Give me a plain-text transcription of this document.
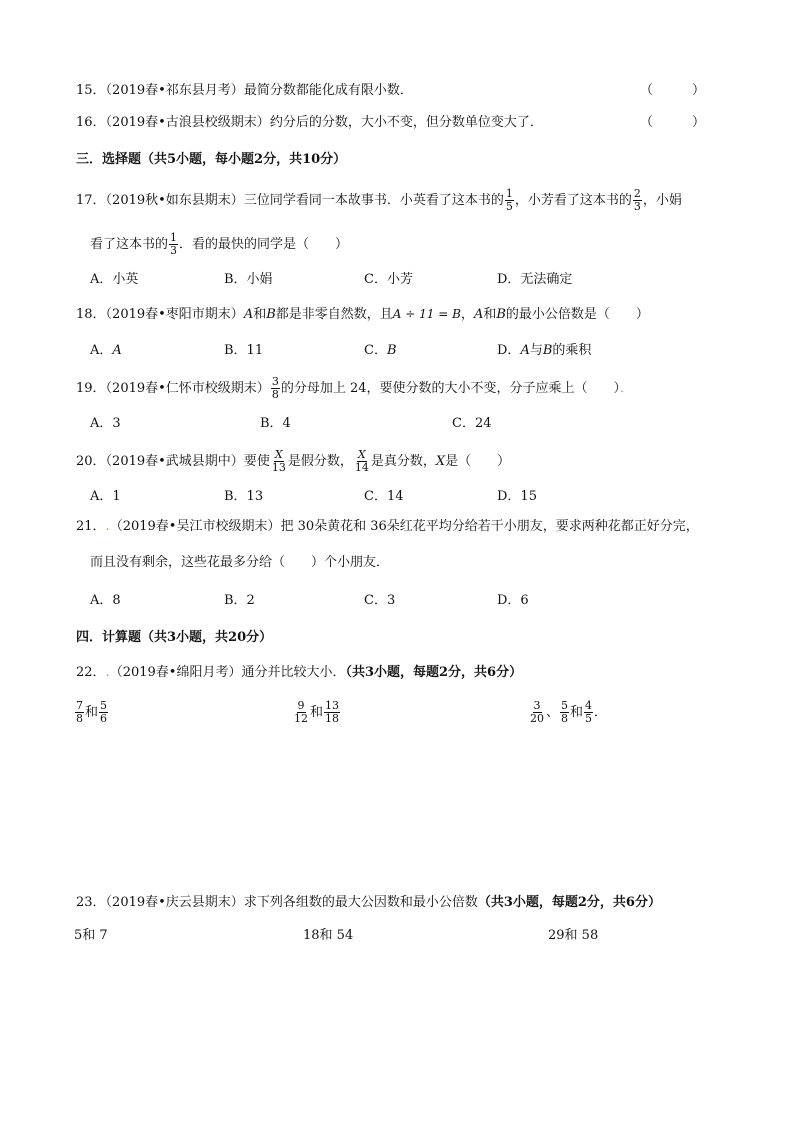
15．（2019春•祁东县月考）最简分数都能化成有限小数．	（　　　）
16．（2019春•古浪县校级期末）约分后的分数，大小不变，但分数单位变大了．	（　　　）
三．选择题（共5小题，每小题2分，共10分）
17．（2019秋•如东县期末）三位同学看同一本故事书．小英看了这本书的 $\frac{1}{5}$ ，小芳看了这本书的 $\frac{2}{3}$ ，小娟
看了这本书的 $\frac{1}{3}$ ．看的最快的同学是（　　）
A．小英	B．小娟	C．小芳	D．无法确定
18．（2019春•枣阳市期末）A和B都是非零自然数，且A ÷ 11 = B，A和B的最小公倍数是（　　）
A．A	B．11	C．B	D．A与B的乘积
19．（2019春•仁怀市校级期末） $\frac{3}{8}$ 的分母加上 24，要使分数的大小不变，分子应乘上（　　）．
A．3	B．4	C．24
20．（2019春•武城县期中）要使 $\frac{X}{13}$ 是假分数， $\frac{X}{14}$ 是真分数，X是（　　）
A．1	B．13	C．14	D．15
21．.（2019春•吴江市校级期末）把 30朵黄花和 36朵红花平均分给若干小朋友，要求两种花都正好分完，
而且没有剩余，这些花最多分给（　　）个小朋友．
A．8	B．2	C．3	D．6
四．计算题（共3小题，共20分）
22．.（2019春•绵阳月考）通分并比较大小．（共3小题，每题2分，共6分）
$\frac{7}{8}$ 和 $\frac{5}{6}$	$\frac{9}{12}$ 和 $\frac{13}{18}$	$\frac{3}{20}$ 、 $\frac{5}{8}$ 和 $\frac{4}{5}$ ．
23．（2019春•庆云县期末）求下列各组数的最大公因数和最小公倍数（共3小题，每题2分，共6分）
5和 7	18和 54	29和 58
